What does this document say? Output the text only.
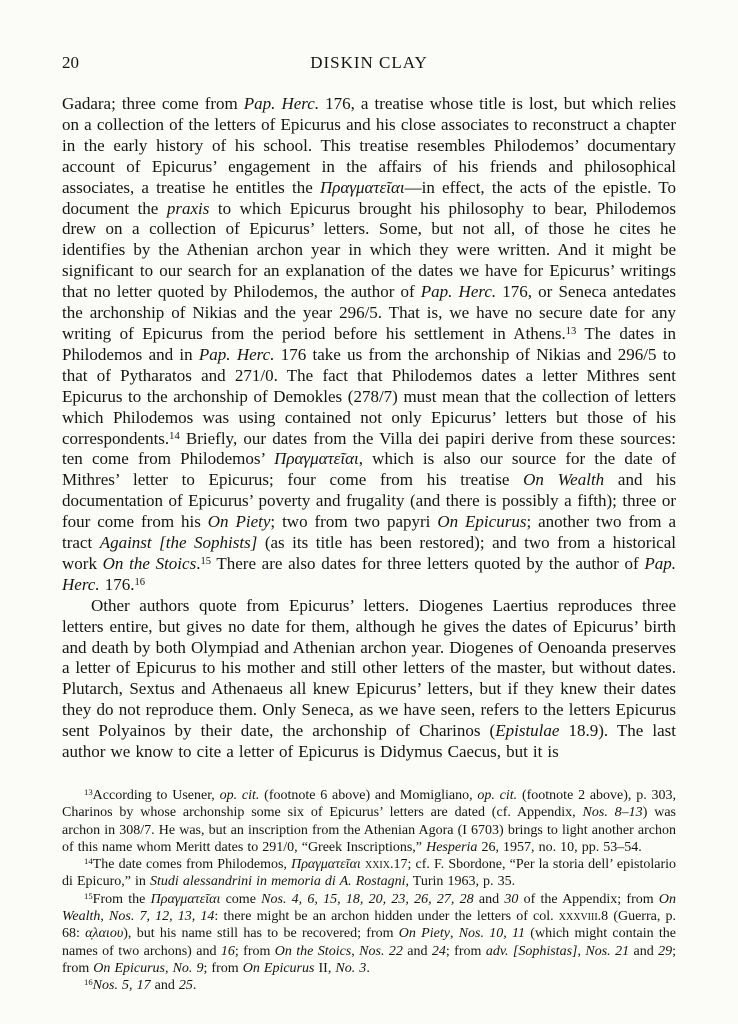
20	DISKIN CLAY

Gadara; three come from Pap. Herc. 176, a treatise whose title is lost, but which relies on a collection of the letters of Epicurus and his close associates to reconstruct a chapter in the early history of his school. This treatise resembles Philodemos’ documentary account of Epicurus’ engagement in the affairs of his friends and philosophical associates, a treatise he entitles the Πραγματεῖαι—in effect, the acts of the epistle. To document the praxis to which Epicurus brought his philosophy to bear, Philodemos drew on a collection of Epicurus’ letters. Some, but not all, of those he cites he identifies by the Athenian archon year in which they were written. And it might be significant to our search for an explanation of the dates we have for Epicurus’ writings that no letter quoted by Philodemos, the author of Pap. Herc. 176, or Seneca antedates the archonship of Nikias and the year 296/5. That is, we have no secure date for any writing of Epicurus from the period before his settlement in Athens.$^{13}$ The dates in Philodemos and in Pap. Herc. 176 take us from the archonship of Nikias and 296/5 to that of Pytharatos and 271/0. The fact that Philodemos dates a letter Mithres sent Epicurus to the archonship of Demokles (278/7) must mean that the collection of letters which Philodemos was using contained not only Epicurus’ letters but those of his correspondents.$^{14}$ Briefly, our dates from the Villa dei papiri derive from these sources: ten come from Philodemos’ Πραγματεῖαι, which is also our source for the date of Mithres’ letter to Epicurus; four come from his treatise On Wealth and his documentation of Epicurus’ poverty and frugality (and there is possibly a fifth); three or four come from his On Piety; two from two papyri On Epicurus; another two from a tract Against [the Sophists] (as its title has been restored); and two from a historical work On the Stoics.$^{15}$ There are also dates for three letters quoted by the author of Pap. Herc. 176.16

Other authors quote from Epicurus’ letters. Diogenes Laertius reproduces three letters entire, but gives no date for them, although he gives the dates of Epicurus’ birth and death by both Olympiad and Athenian archon year. Diogenes of Oenoanda preserves a letter of Epicurus to his mother and still other letters of the master, but without dates. Plutarch, Sextus and Athenaeus all knew Epicurus’ letters, but if they knew their dates they do not reproduce them. Only Seneca, as we have seen, refers to the letters Epicurus sent Polyainos by their date, the archonship of Charinos (Epistulae 18.9). The last author we know to cite a letter of Epicurus is Didymus Caecus, but it is

$^{13}$According to Usener, op. cit. (footnote 6 above) and Momigliano, op. cit. (footnote 2 above), p. 303, Charinos by whose archonship some six of Epicurus’ letters are dated (cf. Appendix, Nos. 8–13) was archon in 308/7. He was, but an inscription from the Athenian Agora (I 6703) brings to light another archon of this name whom Meritt dates to 291/0, “Greek Inscriptions,” Hesperia 26, 1957, no. 10, pp. 53–54.

$^{14}$The date comes from Philodemos, Πραγματεῖαι xxix.17; cf. F. Sbordone, “Per la storia dell’ epistolario di Epicuro,” in Studi alessandrini in memoria di A. Rostagni, Turin 1963, p. 35.

$^{15}$From the Πραγματεῖαι come Nos. 4, 6, 15, 18, 20, 23, 26, 27, 28 and 30 of the Appendix; from On Wealth, Nos. 7, 12, 13, 14: there might be an archon hidden under the letters of col. xxxviii.8 (Guerra, p. 68: α̣λαιου), but his name still has to be recovered; from On Piety, Nos. 10, 11 (which might contain the names of two archons) and 16; from On the Stoics, Nos. 22 and 24; from adv. [Sophistas], Nos. 21 and 29; from On Epicurus, No. 9; from On Epicurus II, No. 3.

$^{16}$Nos. 5, 17 and 25.
